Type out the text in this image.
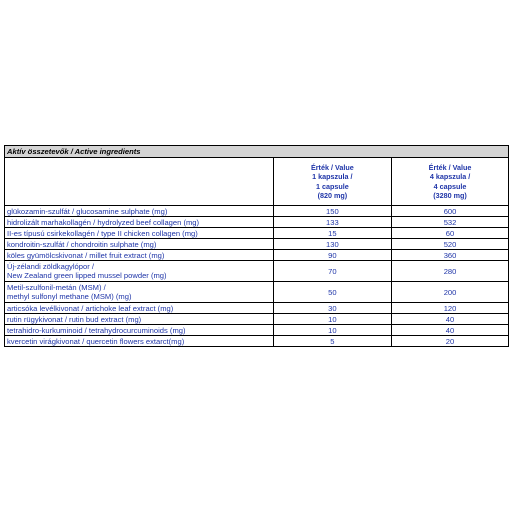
Aktív összetevők / Active ingredients		

	Érték / Value
1 kapszula /
1 capsule
(820 mg)	Érték / Value
4 kapszula /
4 capsule
(3280 mg)

glükozamin-szulfát / glucosamine sulphate (mg)	150	600

hidrolizált marhakollagén / hydrolyzed beef collagen (mg)	133	532

II-es típusú csirkekollagén / type II chicken collagen (mg)	15	60

kondroitin-szulfát / chondroitin sulphate (mg)	130	520

köles gyümölcskivonat / millet fruit extract (mg)	90	360

Új-zélandi zöldkagylópor /
New Zealand green lipped mussel powder (mg)	70	280

Metil-szulfonil-metán (MSM) /
methyl sulfonyl methane (MSM) (mg)	50	200

articsóka levélkivonat / artichoke leaf extract (mg)	30	120

rutin rügykivonat / rutin bud extract (mg)	10	40

tetrahidro-kurkuminoid / tetrahydrocurcuminoids (mg)	10	40

kvercetin virágkivonat / quercetin flowers extarct(mg)	5	20
